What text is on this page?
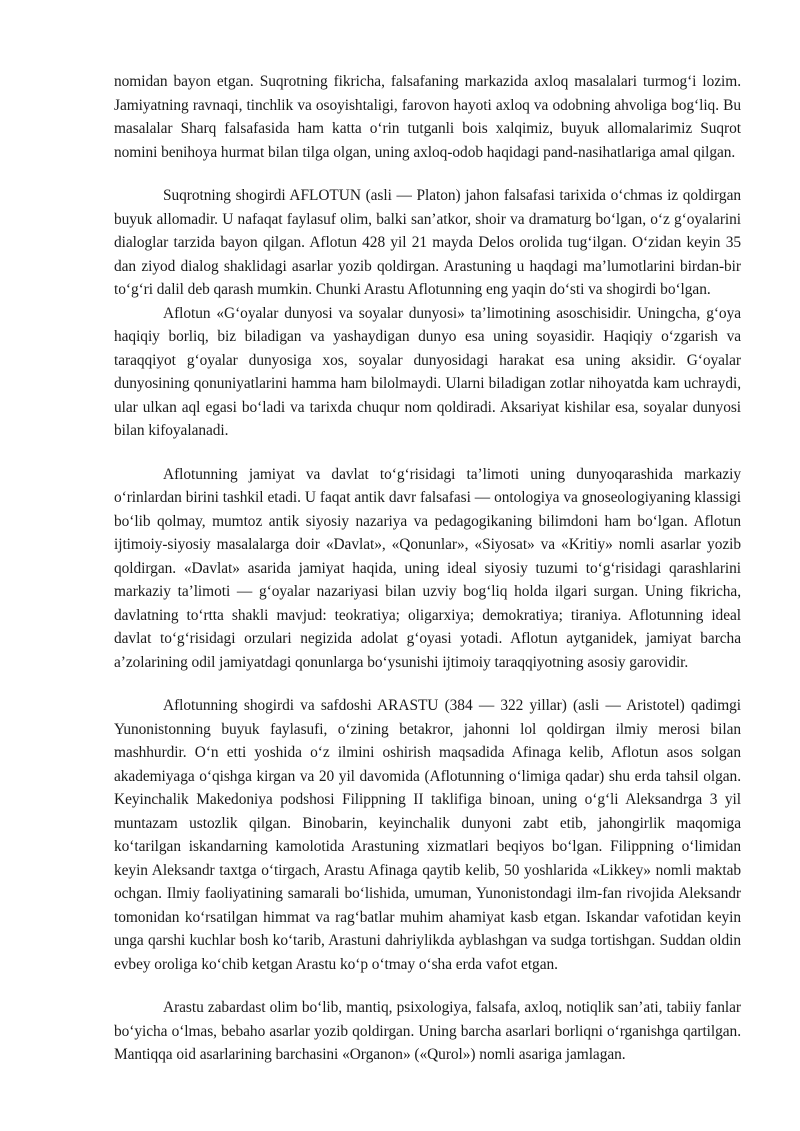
nomidan bayon etgan. Suqrotning fikricha, falsafaning markazida axloq masalalari turmogʻi lozim. Jamiyatning ravnaqi, tinchlik va osoyishtaligi, farovon hayoti axloq va odobning ahvoliga bogʻliq. Bu masalalar Sharq falsafasida ham katta oʻrin tutganli bois xalqimiz, buyuk allomalarimiz Suqrot nomini benihoya hurmat bilan tilga olgan, uning axloq-odob haqidagi pand-nasihatlariga amal qilgan.

Suqrotning shogirdi AFLOTUN (asli — Platon) jahon falsafasi tarixida oʻchmas iz qoldirgan buyuk allomadir. U nafaqat faylasuf olim, balki san’atkor, shoir va dramaturg boʻlgan, oʻz gʻoyalarini dialoglar tarzida bayon qilgan. Aflotun 428 yil 21 mayda Delos orolida tugʻilgan. Oʻzidan keyin 35 dan ziyod dialog shaklidagi asarlar yozib qoldirgan. Arastuning u haqdagi ma’lumotlarini birdan-bir toʻgʻri dalil deb qarash mumkin. Chunki Arastu Aflotunning eng yaqin doʻsti va shogirdi boʻlgan.

Aflotun «Gʻoyalar dunyosi va soyalar dunyosi» ta’limotining asoschisidir. Uningcha, gʻoya haqiqiy borliq, biz biladigan va yashaydigan dunyo esa uning soyasidir. Haqiqiy oʻzgarish va taraqqiyot gʻoyalar dunyosiga xos, soyalar dunyosidagi harakat esa uning aksidir. Gʻoyalar dunyosining qonuniyatlarini hamma ham bilolmaydi. Ularni biladigan zotlar nihoyatda kam uchraydi, ular ulkan aql egasi boʻladi va tarixda chuqur nom qoldiradi. Aksariyat kishilar esa, soyalar dunyosi bilan kifoyalanadi.

Aflotunning jamiyat va davlat toʻgʻrisidagi ta’limoti uning dunyoqarashida markaziy oʻrinlardan birini tashkil etadi. U faqat antik davr falsafasi — ontologiya va gnoseologiyaning klassigi boʻlib qolmay, mumtoz antik siyosiy nazariya va pedagogikaning bilimdoni ham boʻlgan. Aflotun ijtimoiy-siyosiy masalalarga doir «Davlat», «Qonunlar», «Siyosat» va «Kritiy» nomli asarlar yozib qoldirgan. «Davlat» asarida jamiyat haqida, uning ideal siyosiy tuzumi toʻgʻrisidagi qarashlarini markaziy ta’limoti — gʻoyalar nazariyasi bilan uzviy bogʻliq holda ilgari surgan. Uning fikricha, davlatning toʻrtta shakli mavjud: teokratiya; oligarxiya; demokratiya; tiraniya. Aflotunning ideal davlat toʻgʻrisidagi orzulari negizida adolat gʻoyasi yotadi. Aflotun aytganidek, jamiyat barcha a’zolarining odil jamiyatdagi qonunlarga boʻysunishi ijtimoiy taraqqiyotning asosiy garovidir.

Aflotunning shogirdi va safdoshi ARASTU (384 — 322 yillar) (asli — Aristotel) qadimgi Yunonistonning buyuk faylasufi, oʻzining betakror, jahonni lol qoldirgan ilmiy merosi bilan mashhurdir. Oʻn etti yoshida oʻz ilmini oshirish maqsadida Afinaga kelib, Aflotun asos solgan akademiyaga oʻqishga kirgan va 20 yil davomida (Aflotunning oʻlimiga qadar) shu erda tahsil olgan. Keyinchalik Makedoniya podshosi Filippning II taklifiga binoan, uning oʻgʻli Aleksandrga 3 yil muntazam ustozlik qilgan. Binobarin, keyinchalik dunyoni zabt etib, jahongirlik maqomiga koʻtarilgan iskandarning kamolotida Arastuning xizmatlari beqiyos boʻlgan. Filippning oʻlimidan keyin Aleksandr taxtga oʻtirgach, Arastu Afinaga qaytib kelib, 50 yoshlarida «Likkey» nomli maktab ochgan. Ilmiy faoliyatining samarali boʻlishida, umuman, Yunonistondagi ilm-fan rivojida Aleksandr tomonidan koʻrsatilgan himmat va ragʻbatlar muhim ahamiyat kasb etgan. Iskandar vafotidan keyin unga qarshi kuchlar bosh koʻtarib, Arastuni dahriylikda ayblashgan va sudga tortishgan. Suddan oldin evbey oroliga koʻchib ketgan Arastu koʻp oʻtmay oʻsha erda vafot etgan.

Arastu zabardast olim boʻlib, mantiq, psixologiya, falsafa, axloq, notiqlik san’ati, tabiiy fanlar boʻyicha oʻlmas, bebaho asarlar yozib qoldirgan. Uning barcha asarlari borliqni oʻrganishga qartilgan. Mantiqqa oid asarlarining barchasini «Organon» («Qurol») nomli asariga jamlagan.
